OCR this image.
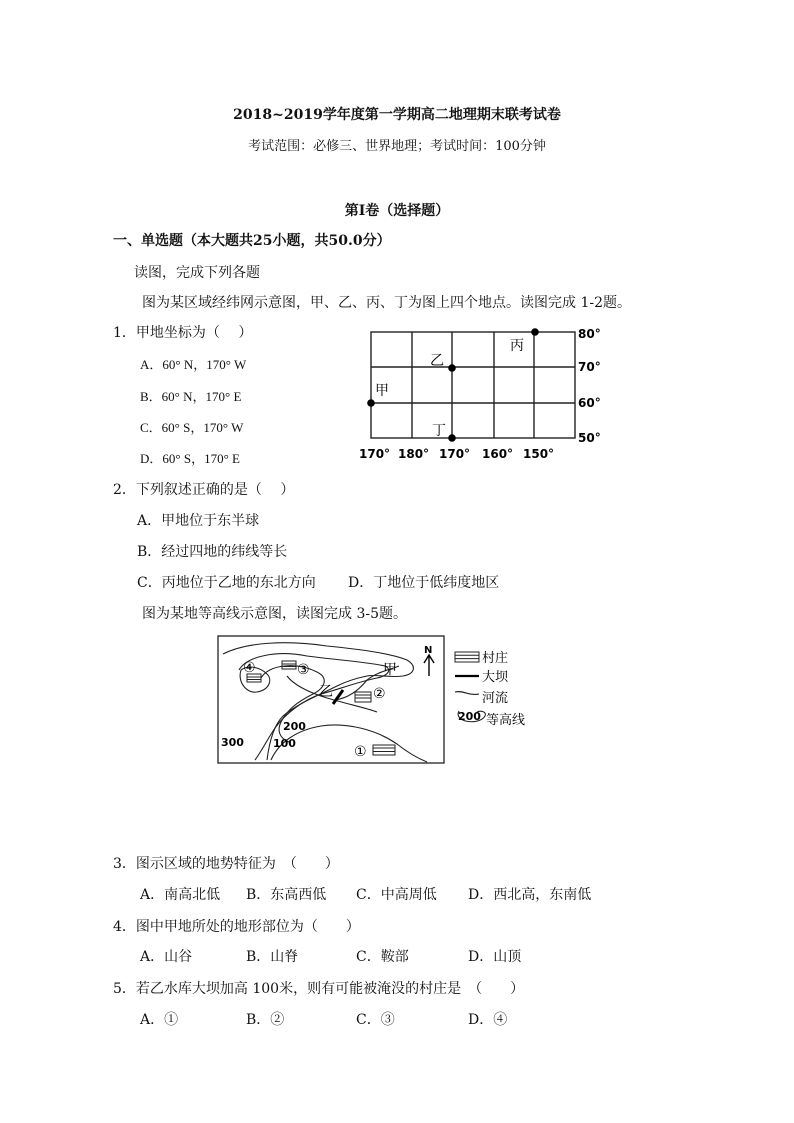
2018~2019学年度第一学期高二地理期末联考试卷
考试范围：必修三、世界地理；考试时间：100分钟
第Ⅰ卷（选择题）
一、单选题（本大题共25小题，共50.0分）
读图，完成下列各题
图为某区域经纬网示意图，甲、乙、丙、丁为图上四个地点。读图完成 1-2题。
1．甲地坐标为（　 ）
A．60° N，170° W
B．60° N，170° E
C．60° S，170° W
D．60° S，170° E
丙
乙
甲
丁
80°
70°
60°
50°
170° 180° 170° 160° 150°
2．下列叙述正确的是（　 ）
A．甲地位于东半球
B．经过四地的纬线等长
C．丙地位于乙地的东北方向 D．丁地位于低纬度地区
图为某地等高线示意图，读图完成 3-5题。
④	③
②
①
乙
甲
200
300	100
N
村庄
大坝
河流
等高线
200
3．图示区域的地势特征为　（　　）
A．南高北低 B．东高西低 C．中高周低 D．西北高，东南低
4．图中甲地所处的地形部位为（　　）
A．山谷	B．山脊	C．鞍部	D．山顶
5．若乙水库大坝加高 100米，则有可能被淹没的村庄是　（　　）
A．①	B．②	C．③	D．④
